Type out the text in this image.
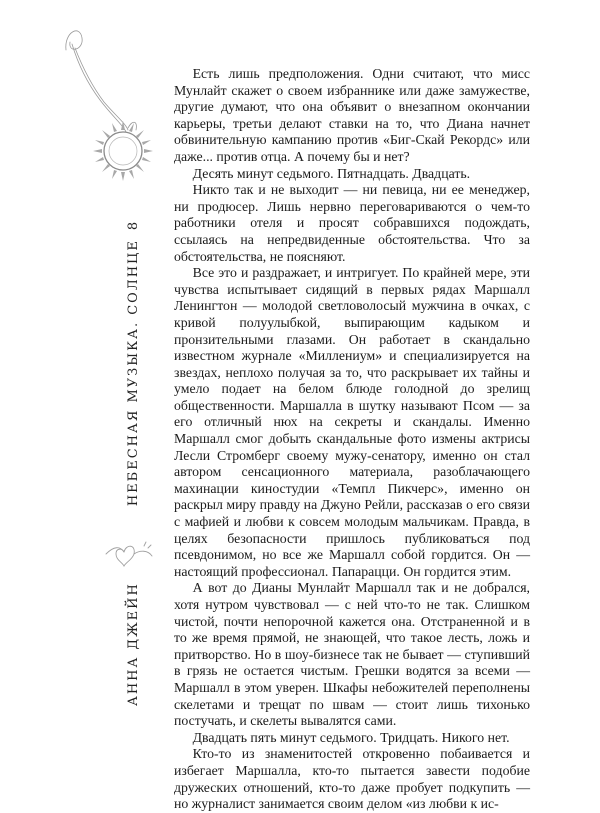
АННА ДЖЕЙН
НЕБЕСНАЯ МУЗЫКА. СОЛНЦЕ
8

Есть лишь предположения. Одни считают, что мисс Мунлайт скажет о своем избраннике или даже замужестве, другие думают, что она объявит о внезапном окончании карьеры, третьи делают ставки на то, что Диана начнет обвинительную кампанию против «Биг-Скай Рекордс» или даже... против отца. А почему бы и нет?

Десять минут седьмого. Пятнадцать. Двадцать.

Никто так и не выходит — ни певица, ни ее менеджер, ни продюсер. Лишь нервно переговариваются о чем-то работники отеля и просят собравшихся подождать, ссылаясь на непредвиденные обстоятельства. Что за обстоятельства, не поясняют.

Все это и раздражает, и интригует. По крайней мере, эти чувства испытывает сидящий в первых рядах Маршалл Ленингтон — молодой светловолосый мужчина в очках, с кривой полуулыбкой, выпирающим кадыком и пронзительными глазами. Он работает в скандально известном журнале «Миллениум» и специализируется на звездах, неплохо получая за то, что раскрывает их тайны и умело подает на белом блюде голодной до зрелищ общественности. Маршалла в шутку называют Псом — за его отличный нюх на секреты и скандалы. Именно Маршалл смог добыть скандальные фото измены актрисы Лесли Стромберг своему мужу-сенатору, именно он стал автором сенсационного материала, разоблачающего махинации киностудии «Темпл Пикчерс», именно он раскрыл миру правду на Джуно Рейли, рассказав о его связи с мафией и любви к совсем молодым мальчикам. Правда, в целях безопасности пришлось публиковаться под псевдонимом, но все же Маршалл собой гордится. Он — настоящий профессионал. Папарацци. Он гордится этим.

А вот до Дианы Мунлайт Маршалл так и не добрался, хотя нутром чувствовал — с ней что-то не так. Слишком чистой, почти непорочной кажется она. Отстраненной и в то же время прямой, не знающей, что такое лесть, ложь и притворство. Но в шоу-бизнесе так не бывает — ступивший в грязь не остается чистым. Грешки водятся за всеми — Маршалл в этом уверен. Шкафы небожителей переполнены скелетами и трещат по швам — стоит лишь тихонько постучать, и скелеты вывалятся сами.

Двадцать пять минут седьмого. Тридцать. Никого нет.

Кто-то из знаменитостей откровенно побаивается и избегает Маршалла, кто-то пытается завести подобие дружеских отношений, кто-то даже пробует подкупить — но журналист занимается своим делом «из любви к ис-
